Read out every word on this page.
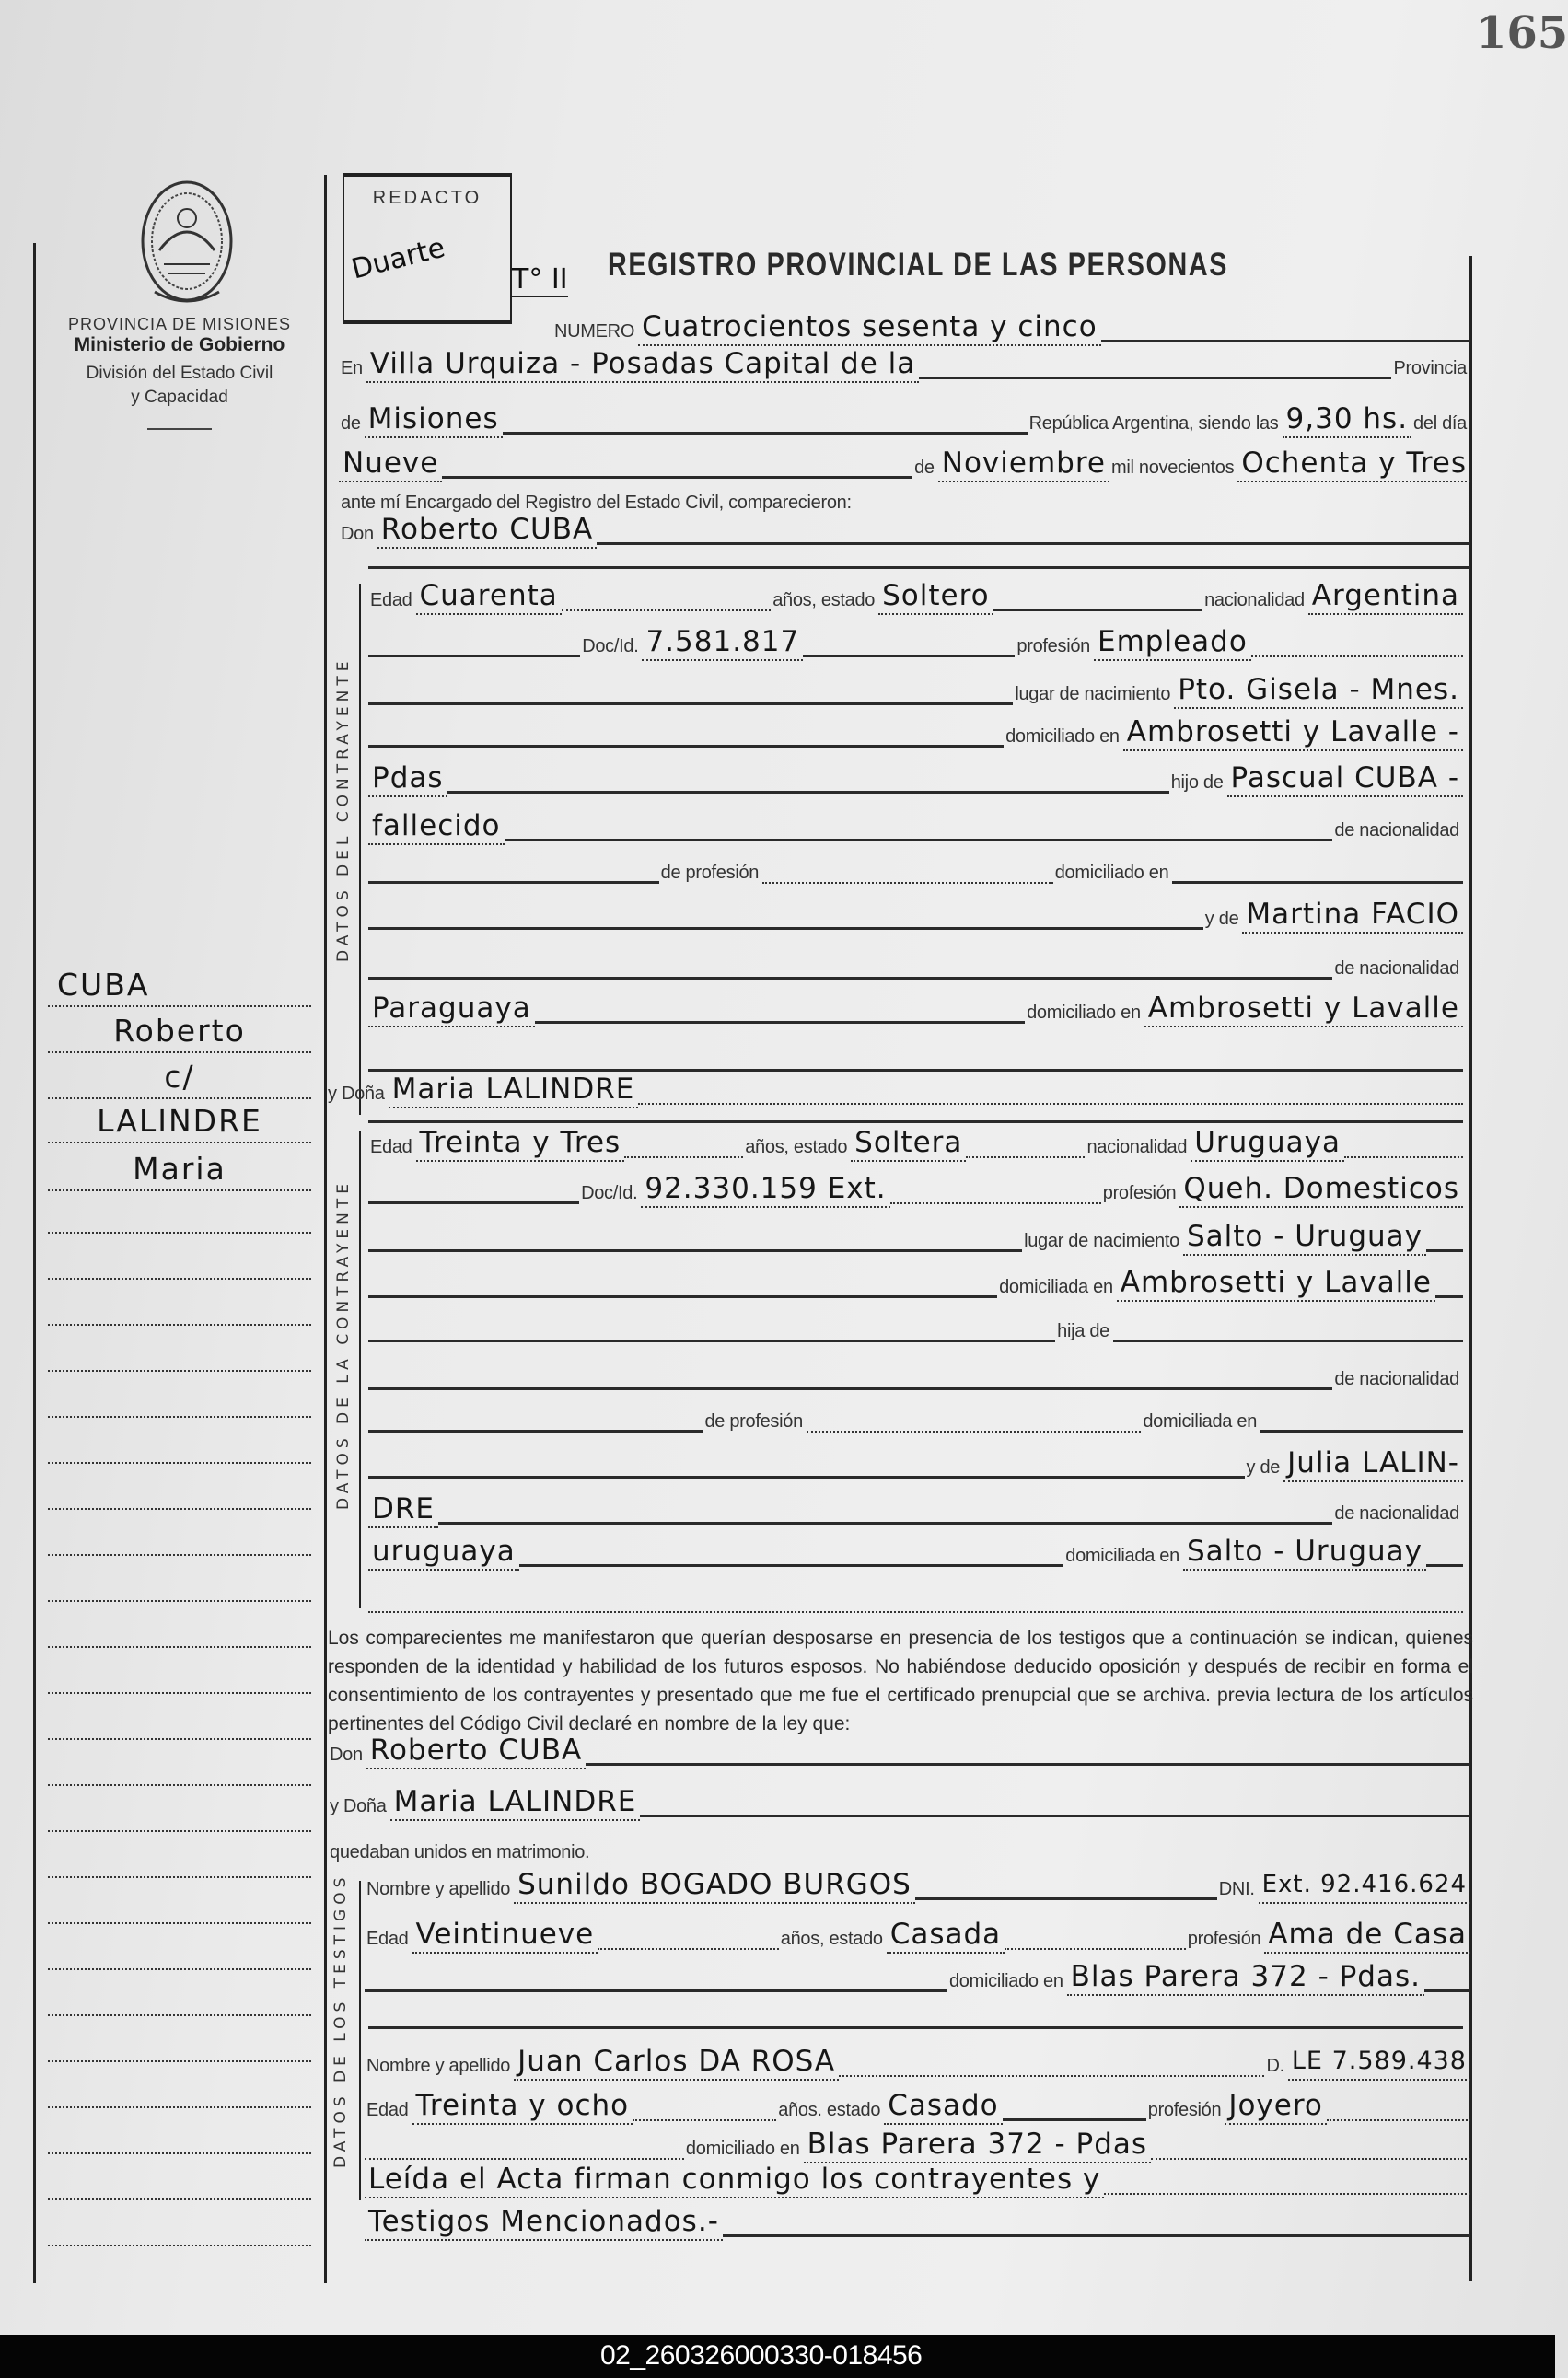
165
PROVINCIA DE MISIONES
Ministerio de Gobierno
División del Estado Civil
y Capacidad
REDACTO
Duarte	T° II REGISTRO PROVINCIAL DE LAS PERSONAS
NUMERO Cuatrocientos sesenta y cinco
En Villa Urquiza - Posadas Capital de la	Provincia
de Misiones	República Argentina, siendo las 9,30 hs. del día
Nueve	de Noviembre mil novecientos Ochenta y Tres
ante mí Encargado del Registro del Estado Civil, comparecieron:
Don Roberto CUBA
DATOS DEL CONTRAYENTE
Edad Cuarenta	años, estado Soltero	nacionalidad Argentina
Doc/Id. 7.581.817	profesión Empleado
lugar de nacimiento Pto. Gisela - Mnes.
domiciliado en Ambrosetti y Lavalle -
Pdas	hijo de Pascual CUBA -
fallecido	de nacionalidad
de profesión	domiciliado en
y de Martina FACIO
de nacionalidad
Paraguaya	domiciliado en Ambrosetti y Lavalle
y Doña Maria LALINDRE
DATOS DE LA CONTRAYENTE
Edad Treinta y Tres	años, estado Soltera	nacionalidad Uruguaya
Doc/Id. 92.330.159 Ext.	profesión Queh. Domesticos
lugar de nacimiento Salto - Uruguay
domiciliada en Ambrosetti y Lavalle
hija de
de nacionalidad
de profesión	domiciliada en
y de Julia LALIN-
DRE	de nacionalidad
uruguaya	domiciliada en Salto - Uruguay
Los comparecientes me manifestaron que querían desposarse en presencia de los testigos que a continuación se indican, quienes responden de la identidad y habilidad de los futuros esposos. No habiéndose deducido oposición y después de recibir en forma el consentimiento de los contrayentes y presentado que me fue el certificado prenupcial que se archiva. previa lectura de los artículos pertinentes del Código Civil declaré en nombre de la ley que:
Don Roberto CUBA
y Doña Maria LALINDRE
quedaban unidos en matrimonio.
DATOS DE LOS TESTIGOS Nombre y apellido Sunildo BOGADO BURGOS	DNI. Ext. 92.416.624
Edad Veintinueve	años, estado Casada	profesión Ama de Casa
domiciliado en Blas Parera 372 - Pdas.
Nombre y apellido Juan Carlos DA ROSA	D. LE 7.589.438
Edad Treinta y ocho	años. estado Casado	profesión Joyero
domiciliado en Blas Parera 372 - Pdas
Leída el Acta firman conmigo los contrayentes y
Testigos Mencionados.-
CUBA
Roberto
c/
LALINDRE
Maria
02_260326000330-018456
